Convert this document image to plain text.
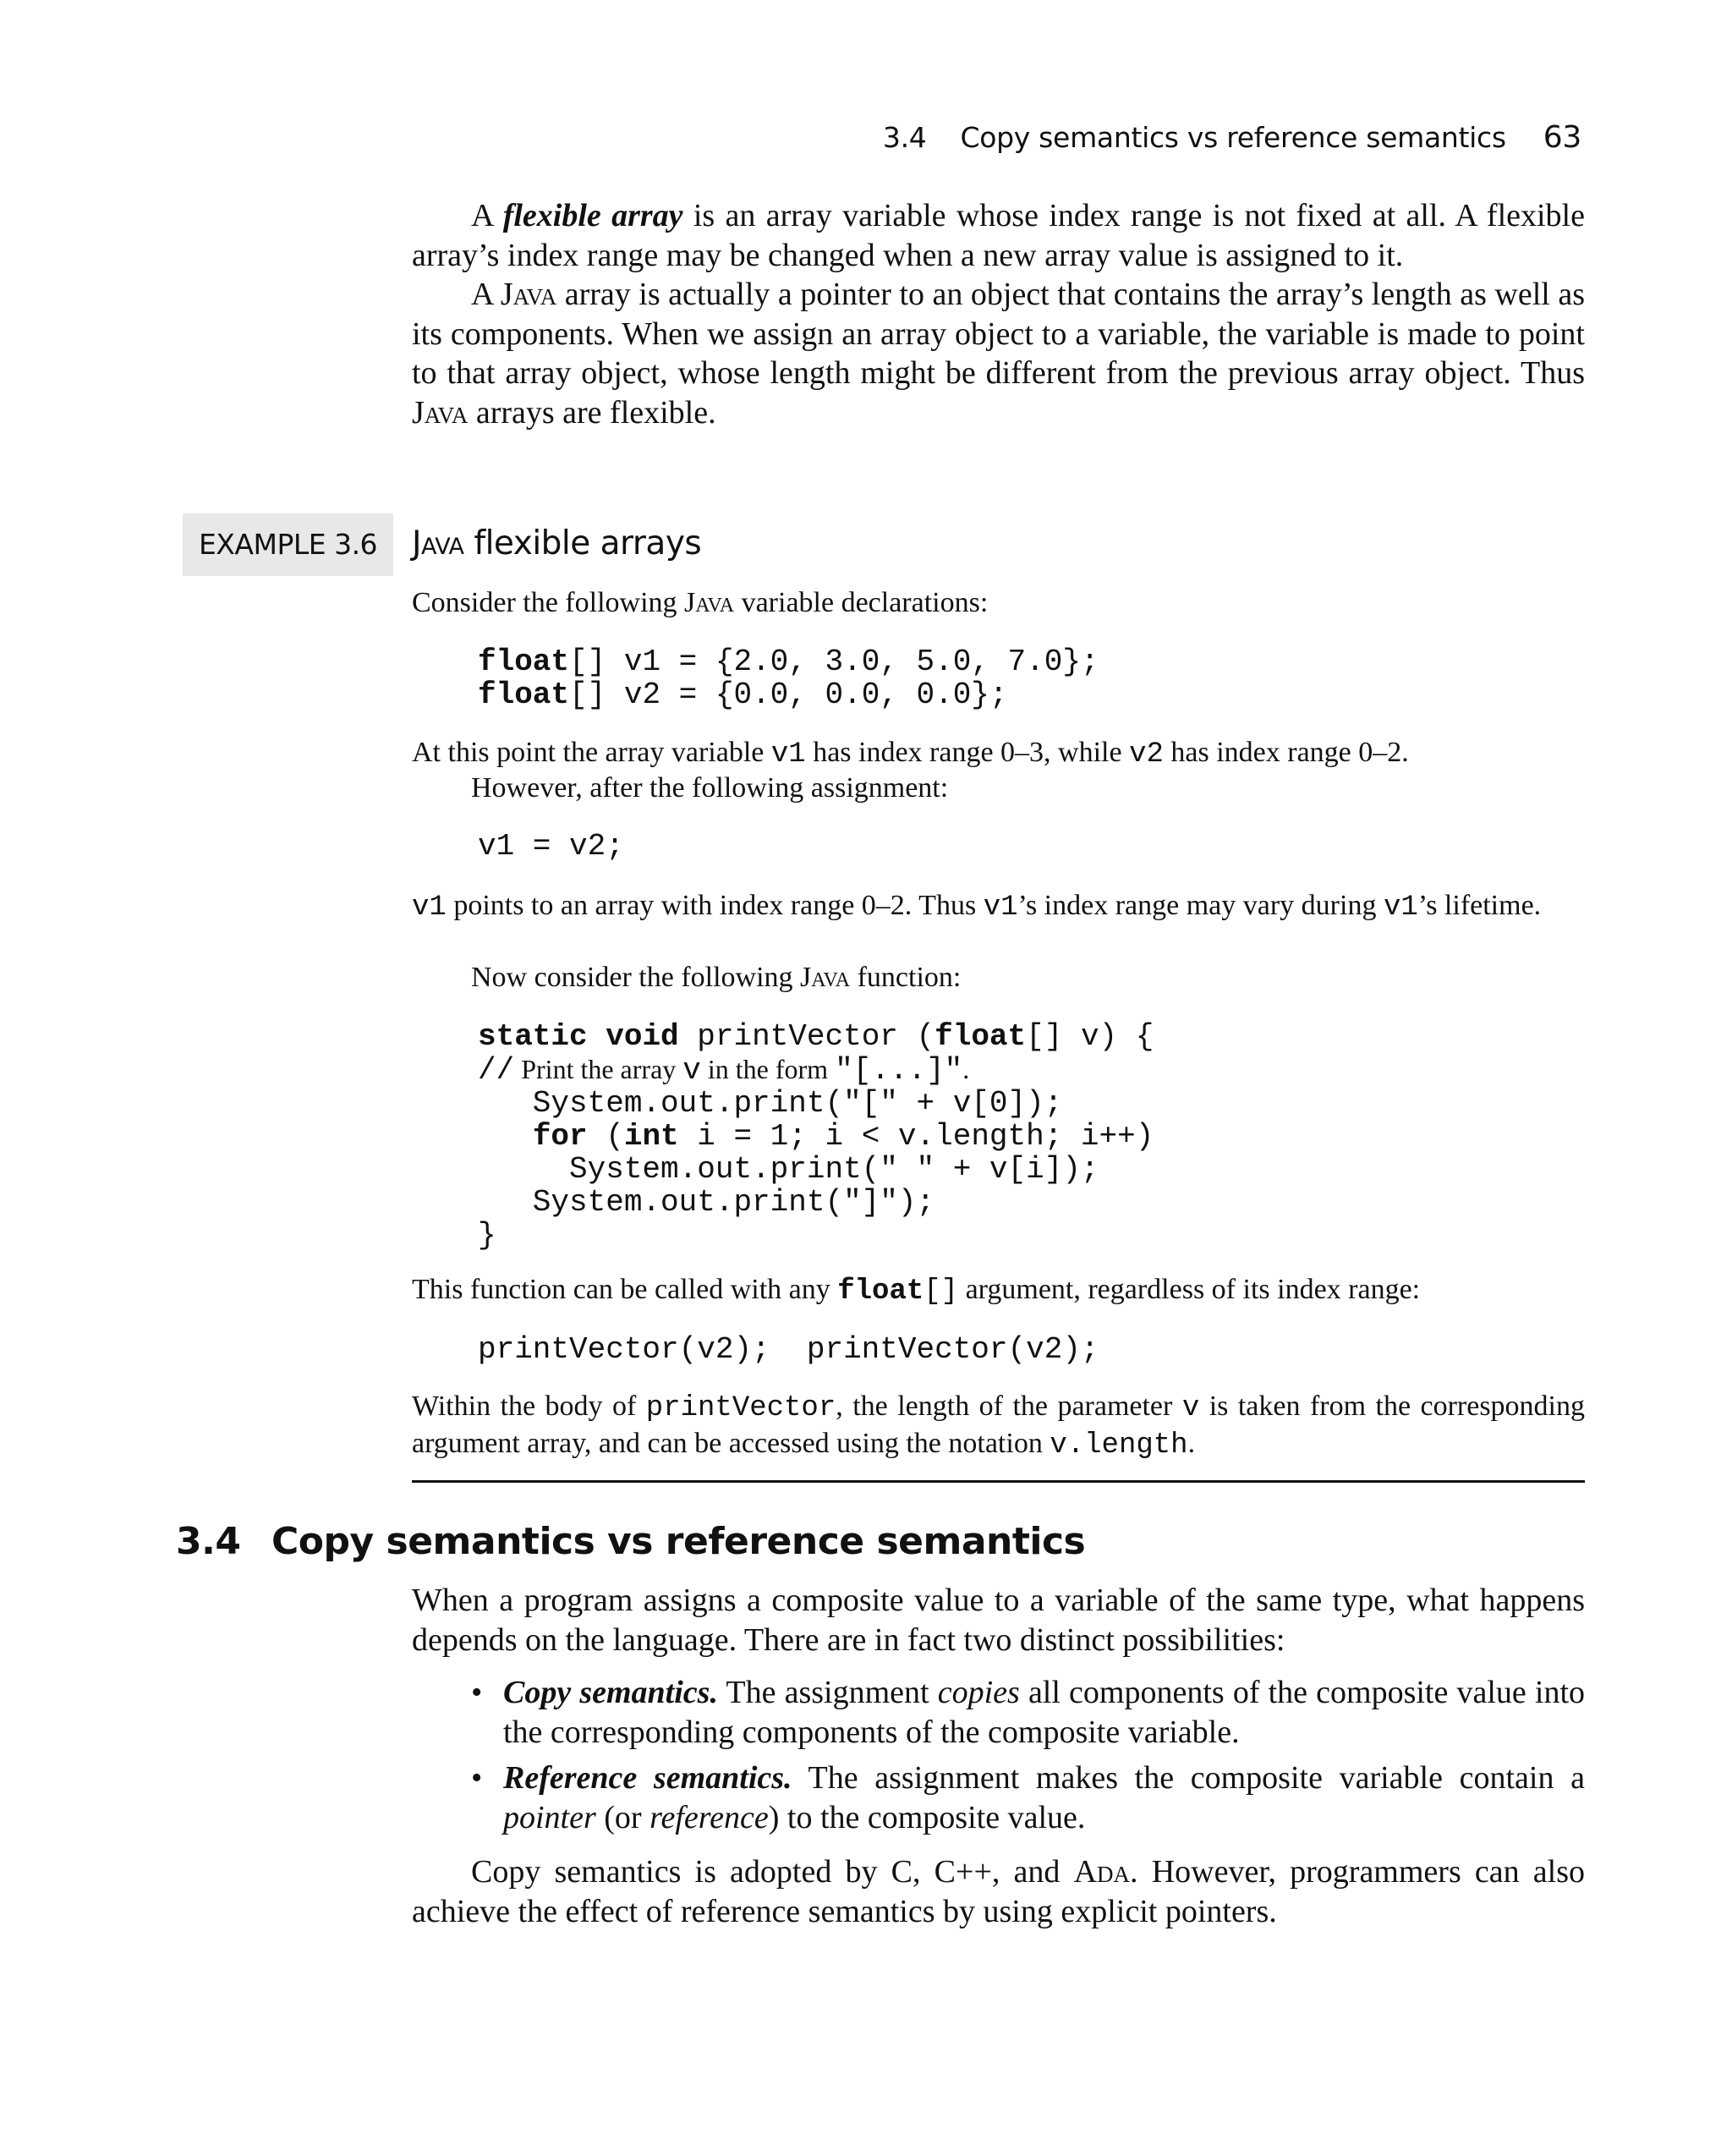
3.4 Copy semantics vs reference semantics 63

A flexible array is an array variable whose index range is not fixed at all. A flexible array’s index range may be changed when a new array value is assigned to it.

A Java array is actually a pointer to an object that contains the array’s length as well as its components. When we assign an array object to a variable, the variable is made to point to that array object, whose length might be different from the previous array object. Thus Java arrays are flexible.

EXAMPLE 3.6	Java flexible arrays
Consider the following Java variable declarations:
float[] v1 = {2.0, 3.0, 5.0, 7.0};
float[] v2 = {0.0, 0.0, 0.0};
At this point the array variable v1 has index range 0–3, while v2 has index range 0–2.
However, after the following assignment:
v1 = v2;
v1 points to an array with index range 0–2. Thus v1’s index range may vary during v1’s lifetime.
Now consider the following Java function:
static void printVector (float[] v) {
// Print the array v in the form "[...]".
System.out.print("[" + v[0]);
for (int i = 1; i < v.length; i++)
System.out.print(" " + v[i]);
System.out.print("]");
}
This function can be called with any float[] argument, regardless of its index range:
printVector(v2);  printVector(v2);
Within the body of printVector, the length of the parameter v is taken from the corresponding argument array, and can be accessed using the notation v.length.
3.4 Copy semantics vs reference semantics

When a program assigns a composite value to a variable of the same type, what happens depends on the language. There are in fact two distinct possibilities:

• Copy semantics. The assignment copies all components of the composite value into the corresponding components of the composite variable.
• Reference semantics. The assignment makes the composite variable contain a pointer (or reference) to the composite value.

Copy semantics is adopted by C, C++, and Ada. However, programmers can also achieve the effect of reference semantics by using explicit pointers.
